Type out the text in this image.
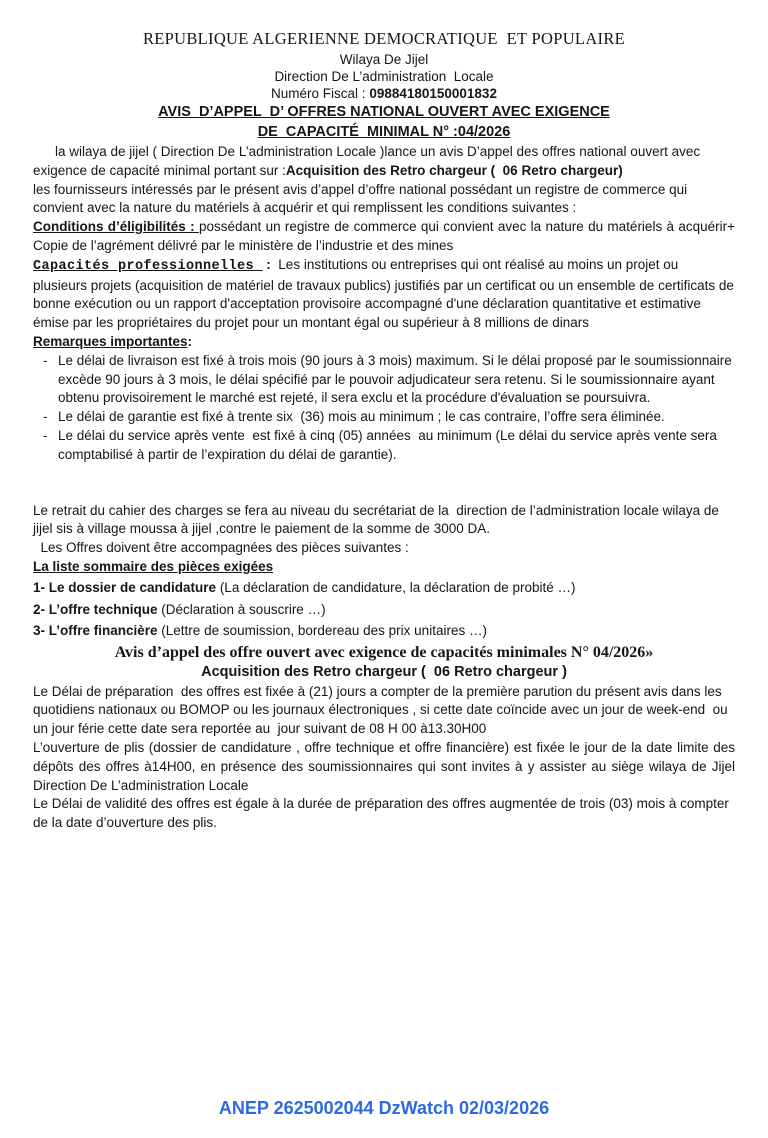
REPUBLIQUE ALGERIENNE DEMOCRATIQUE  ET POPULAIRE
Wilaya De Jijel
Direction De L’administration  Locale
Numéro Fiscal : 09884180150001832
AVIS  D’APPEL  D’ OFFRES NATIONAL OUVERT AVEC EXIGENCE
DE  CAPACITÉ  MINIMAL N° :04/2026

la wilaya de jijel ( Direction De L’administration Locale )lance un avis D’appel des offres national ouvert avec exigence de capacité minimal portant sur :Acquisition des Retro chargeur (  06 Retro chargeur)

les fournisseurs intéressés par le présent avis d’appel d’offre national possédant un registre de commerce qui convient avec la nature du matériels à acquérir et qui remplissent les conditions suivantes :

Conditions d’éligibilités : possédant un registre de commerce qui convient avec la nature du matériels à acquérir+  Copie de l’agrément délivré par le ministère de l’industrie et des mines

Capacités professionnelles  :  Les institutions ou entreprises qui ont réalisé au moins un projet ou plusieurs projets (acquisition de matériel de travaux publics) justifiés par un certificat ou un ensemble de certificats de bonne exécution ou un rapport d'acceptation provisoire accompagné d'une déclaration quantitative et estimative émise par les propriétaires du projet pour un montant égal ou supérieur à 8 millions de dinars

Remarques importantes:

- Le délai de livraison est fixé à trois mois (90 jours à 3 mois) maximum. Si le délai proposé par le soumissionnaire excède 90 jours à 3 mois, le délai spécifié par le pouvoir adjudicateur sera retenu. Si le soumissionnaire ayant obtenu provisoirement le marché est rejeté, il sera exclu et la procédure d'évaluation se poursuivra.
- Le délai de garantie est fixé à trente six  (36) mois au minimum ; le cas contraire, l’offre sera éliminée.
- Le délai du service après vente  est fixé à cinq (05) années  au minimum (Le délai du service après vente sera comptabilisé à partir de l’expiration du délai de garantie).

Le retrait du cahier des charges se fera au niveau du secrétariat de la  direction de l’administration locale wilaya de jijel sis à village moussa à jijel ,contre le paiement de la somme de 3000 DA.

Les Offres doivent être accompagnées des pièces suivantes :

La liste sommaire des pièces exigées

1- Le dossier de candidature (La déclaration de candidature, la déclaration de probité …)

2- L’offre technique (Déclaration à souscrire …)

3- L’offre financière (Lettre de soumission, bordereau des prix unitaires …)

Avis d’appel des offre ouvert avec exigence de capacités minimales N° 04/2026»

Acquisition des Retro chargeur (  06 Retro chargeur )

Le Délai de préparation  des offres est fixée à (21) jours a compter de la première parution du présent avis dans les quotidiens nationaux ou BOMOP ou les journaux électroniques , si cette date coïncide avec un jour de week-end  ou un jour férie cette date sera reportée au  jour suivant de 08 H 00 à13.30H00

L’ouverture de plis (dossier de candidature , offre technique et offre financière) est fixée le jour de la date limite des dépôts des offres à14H00, en présence des soumissionnaires qui sont invites à y assister au siège wilaya de Jijel Direction De L’administration Locale

Le Délai de validité des offres est égale à la durée de préparation des offres augmentée de trois (03) mois à compter de la date d’ouverture des plis.

ANEP 2625002044 DzWatch 02/03/2026
